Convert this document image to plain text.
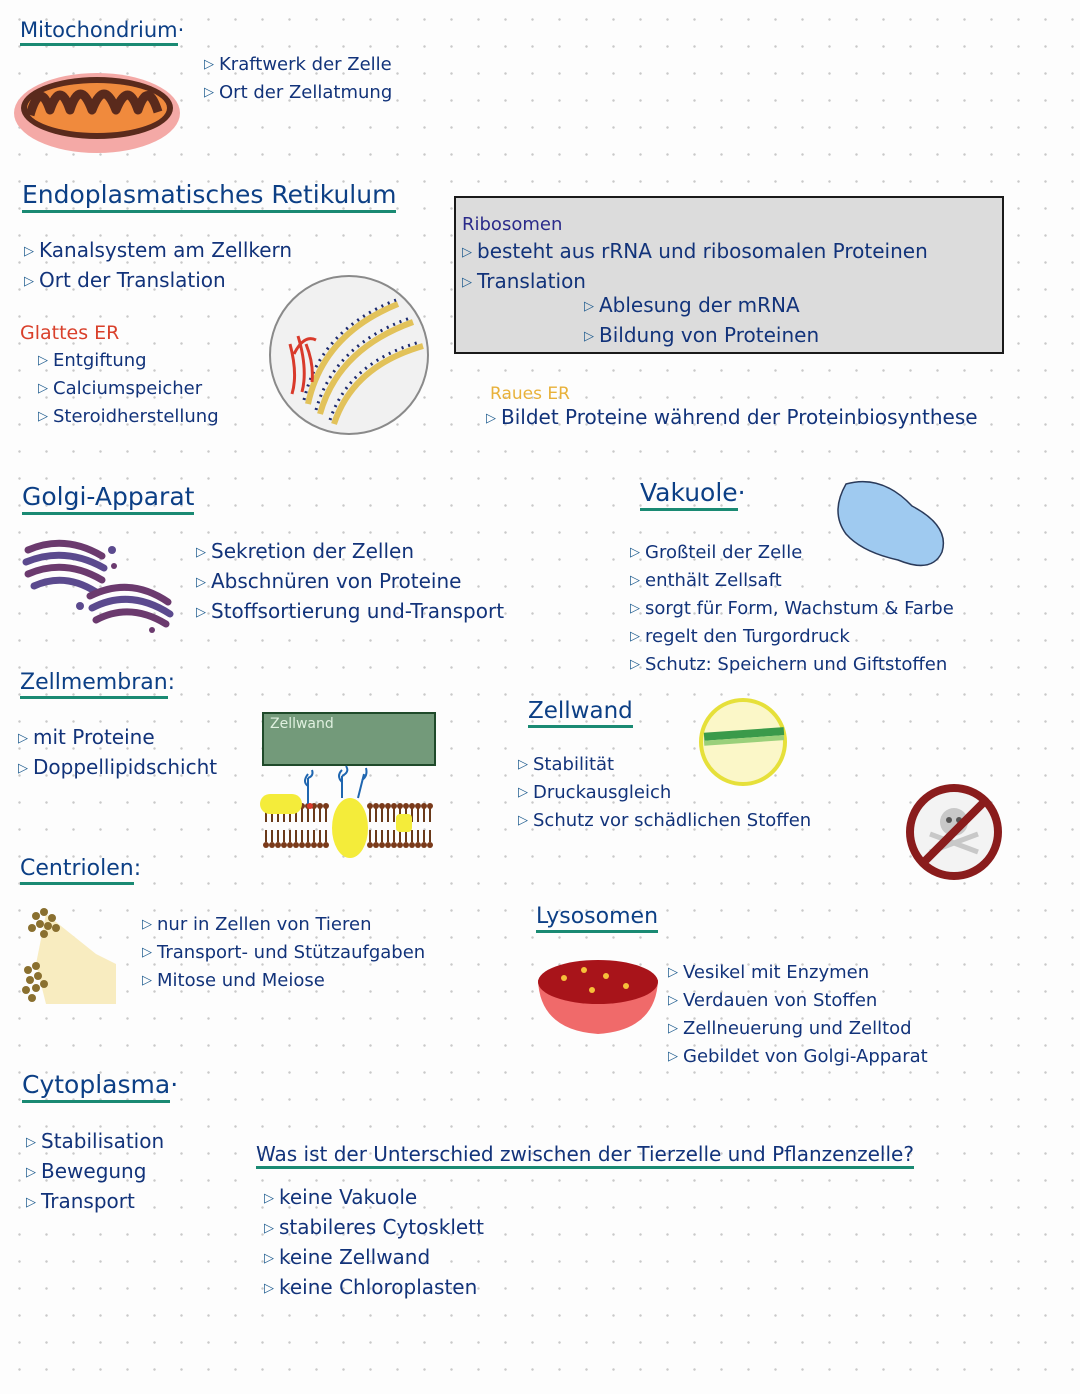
Mitochondrium·
▷ Kraftwerk der Zelle
▷ Ort der Zellatmung
Endoplasmatisches Retikulum
▷ Kanalsystem am Zellkern
▷ Ort der Translation
Glattes ER
▷ Entgiftung
▷ Calciumspeicher
▷ Steroidherstellung
Ribosomen
▷ besteht aus rRNA und ribosomalen Proteinen
▷ Translation
▷ Ablesung der mRNA
▷ Bildung von Proteinen
Raues ER
▷ Bildet Proteine während der Proteinbiosynthese
Golgi-Apparat
▷ Sekretion der Zellen
▷ Abschnüren von Proteine
▷ Stoffsortierung und-Transport
Vakuole·
▷ Großteil der Zelle
▷ enthält Zellsaft
▷ sorgt für Form, Wachstum & Farbe
▷ regelt den Turgordruck
▷ Schutz: Speichern und Giftstoffen
Zellmembran:
▷ mit Proteine
▷ Doppellipidschicht
Zellwand	Zellwand
▷ Stabilität
▷ Druckausgleich
▷ Schutz vor schädlichen Stoffen
Centriolen:
▷ nur in Zellen von Tieren
▷ Transport- und Stützaufgaben
▷ Mitose und Meiose
Lysosomen
▷ Vesikel mit Enzymen
▷ Verdauen von Stoffen
▷ Zellneuerung und Zelltod
▷ Gebildet von Golgi-Apparat
Cytoplasma·
▷ Stabilisation
▷ Bewegung
▷ Transport
Was ist der Unterschied zwischen der Tierzelle und Pflanzenzelle?
▷ keine Vakuole
▷ stabileres Cytosklett
▷ keine Zellwand
▷ keine Chloroplasten
